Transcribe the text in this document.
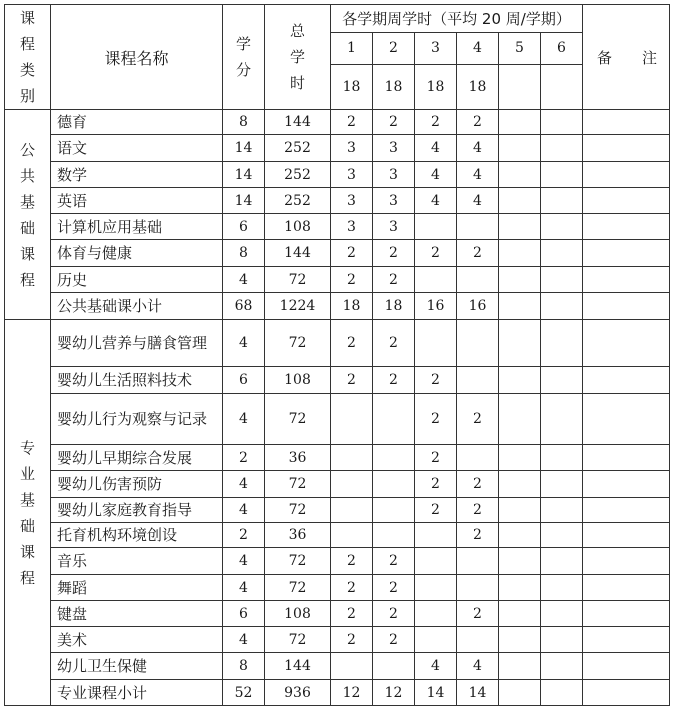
课程类别	课程名称	学分	总学时	各学期周学时（平均 20 周/学期）						备 注
				1	2	3	4	5	6	
				18	18	18	18			
公共基础课程	德育	8	144	2	2	2	2			
	语文	14	252	3	3	4	4			
	数学	14	252	3	3	4	4			
	英语	14	252	3	3	4	4			
	计算机应用基础	6	108	3	3					
	体育与健康	8	144	2	2	2	2			
	历史	4	72	2	2					
	公共基础课小计	68	1224	18	18	16	16			
专业基础课程	婴幼儿营养与膳食管理	4	72	2	2					
	婴幼儿生活照料技术	6	108	2	2	2				
	婴幼儿行为观察与记录	4	72			2	2			
	婴幼儿早期综合发展	2	36			2				
	婴幼儿伤害预防	4	72			2	2			
	婴幼儿家庭教育指导	4	72			2	2			
	托育机构环境创设	2	36				2			
	音乐	4	72	2	2					
	舞蹈	4	72	2	2					
	键盘	6	108	2	2		2			
	美术	4	72	2	2					
	幼儿卫生保健	8	144			4	4			
	专业课程小计	52	936	12	12	14	14			
